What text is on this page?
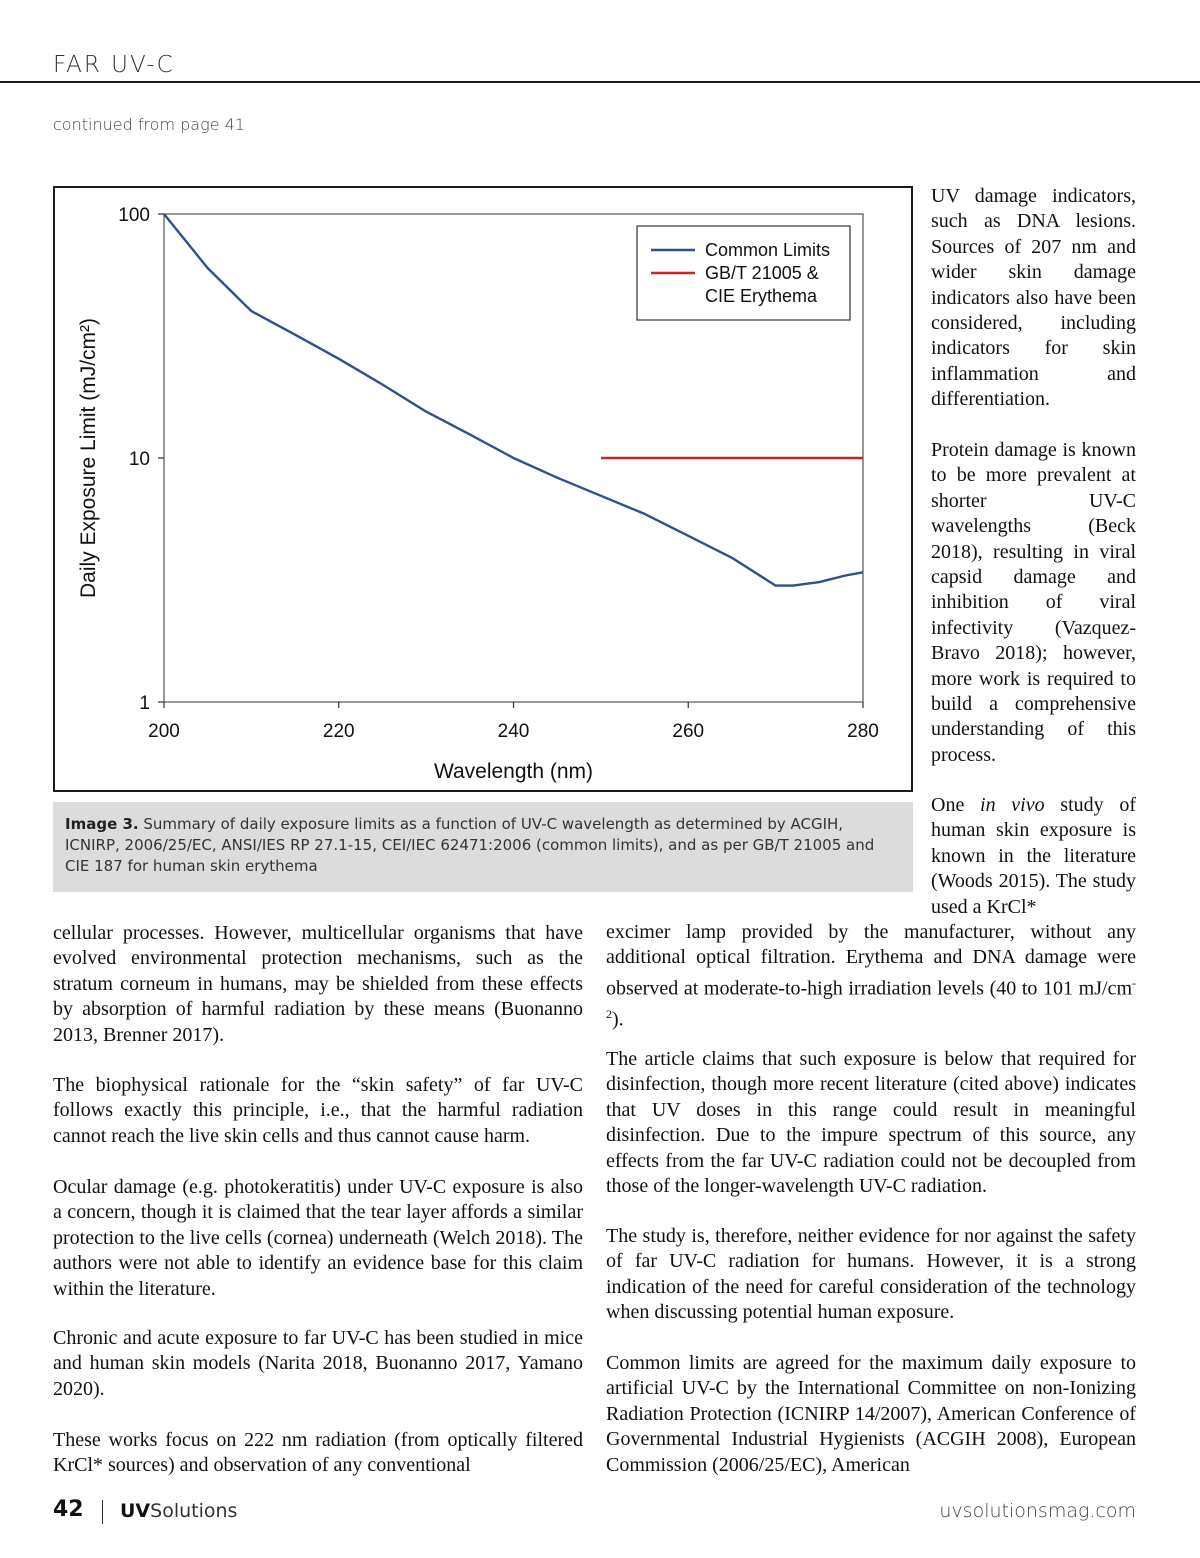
FAR UV-C
continued from page 41
100
10
1
200	220	240	260	280
Wavelength (nm)
Daily Exposure Limit (mJ/cm²)
Common Limits
GB/T 21005 &
CIE Erythema
Image 3. Summary of daily exposure limits as a function of UV-C wavelength as determined by ACGIH, ICNIRP, 2006/25/EC, ANSI/IES RP 27.1-15, CEI/IEC 62471:2006 (common limits), and as per GB/T 21005 and CIE 187 for human skin erythema

UV damage indicators, such as DNA lesions. Sources of 207 nm and wider skin damage indicators also have been considered, including indicators for skin inflammation and differentiation.

Protein damage is known to be more prevalent at shorter UV-C wavelengths (Beck 2018), resulting in viral capsid damage and inhibition of viral infectivity (Vazquez-Bravo 2018); however, more work is required to build a comprehensive understanding of this process.

One in vivo study of human skin exposure is known in the literature (Woods 2015). The study used a KrCl*

cellular processes. However, multicellular organisms that have evolved environmental protection mechanisms, such as the stratum corneum in humans, may be shielded from these effects by absorption of harmful radiation by these means (Buonanno 2013, Brenner 2017).

The biophysical rationale for the “skin safety” of far UV-C follows exactly this principle, i.e., that the harmful radiation cannot reach the live skin cells and thus cannot cause harm.

Ocular damage (e.g. photokeratitis) under UV-C exposure is also a concern, though it is claimed that the tear layer affords a similar protection to the live cells (cornea) underneath (Welch 2018). The authors were not able to identify an evidence base for this claim within the literature.

Chronic and acute exposure to far UV-C has been studied in mice and human skin models (Narita 2018, Buonanno 2017, Yamano 2020).

These works focus on 222 nm radiation (from optically filtered KrCl* sources) and observation of any conventional

excimer lamp provided by the manufacturer, without any additional optical filtration. Erythema and DNA damage were observed at moderate-to-high irradiation levels (40 to 101 $mJ/cm^{-2}$).

The article claims that such exposure is below that required for disinfection, though more recent literature (cited above) indicates that UV doses in this range could result in meaningful disinfection. Due to the impure spectrum of this source, any effects from the far UV-C radiation could not be decoupled from those of the longer-wavelength UV-C radiation.

The study is, therefore, neither evidence for nor against the safety of far UV-C radiation for humans. However, it is a strong indication of the need for careful consideration of the technology when discussing potential human exposure.

Common limits are agreed for the maximum daily exposure to artificial UV-C by the International Committee on non-Ionizing Radiation Protection (ICNIRP 14/2007), American Conference of Governmental Industrial Hygienists (ACGIH 2008), European Commission (2006/25/EC), American

42 UVSolutions	uvsolutionsmag.com
